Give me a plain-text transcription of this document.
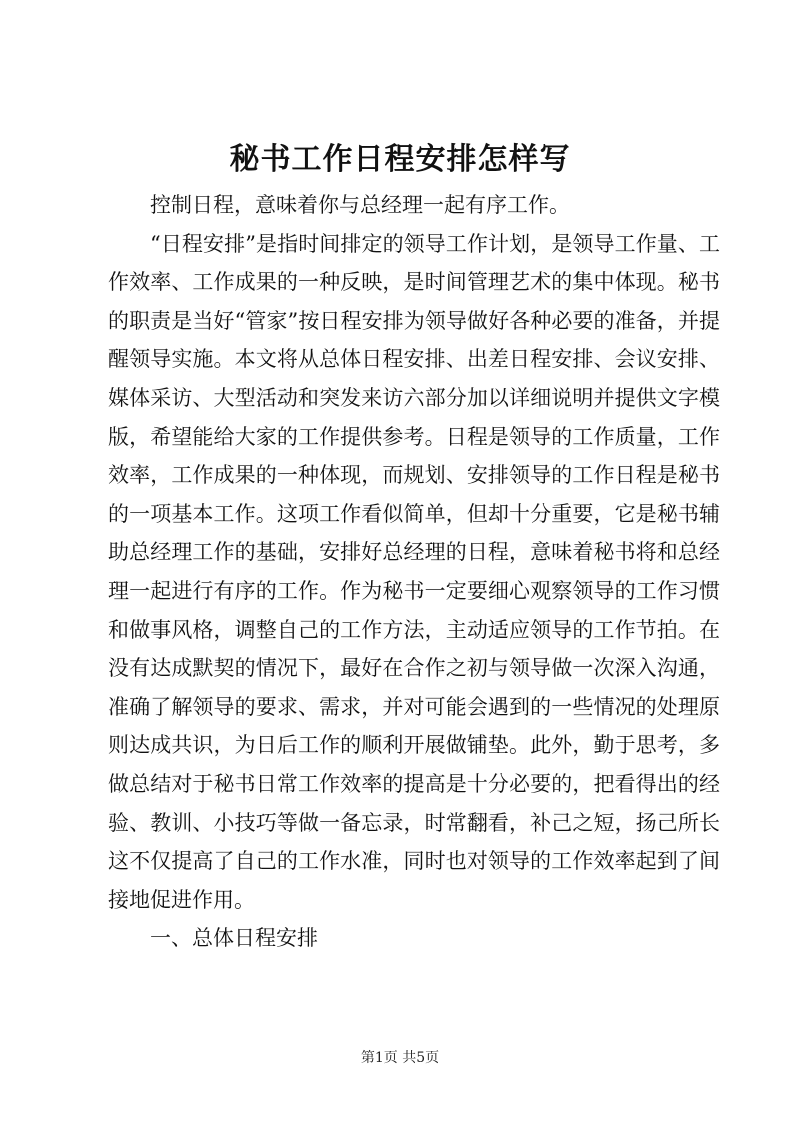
秘书工作日程安排怎样写

控制日程，意味着你与总经理一起有序工作。

“日程安排”是指时间排定的领导工作计划，是领导工作量、工作效率、工作成果的一种反映，是时间管理艺术的集中体现。秘书的职责是当好“管家”按日程安排为领导做好各种必要的准备，并提醒领导实施。本文将从总体日程安排、出差日程安排、会议安排、媒体采访、大型活动和突发来访六部分加以详细说明并提供文字模版，希望能给大家的工作提供参考。日程是领导的工作质量，工作效率，工作成果的一种体现，而规划、安排领导的工作日程是秘书的一项基本工作。这项工作看似简单，但却十分重要，它是秘书辅助总经理工作的基础，安排好总经理的日程，意味着秘书将和总经理一起进行有序的工作。作为秘书一定要细心观察领导的工作习惯和做事风格，调整自己的工作方法，主动适应领导的工作节拍。在没有达成默契的情况下，最好在合作之初与领导做一次深入沟通，准确了解领导的要求、需求，并对可能会遇到的一些情况的处理原则达成共识，为日后工作的顺利开展做铺垫。此外，勤于思考，多做总结对于秘书日常工作效率的提高是十分必要的，把看得出的经验、教训、小技巧等做一备忘录，时常翻看，补己之短，扬己所长这不仅提高了自己的工作水准，同时也对领导的工作效率起到了间接地促进作用。

一、总体日程安排

第1页 共5页
